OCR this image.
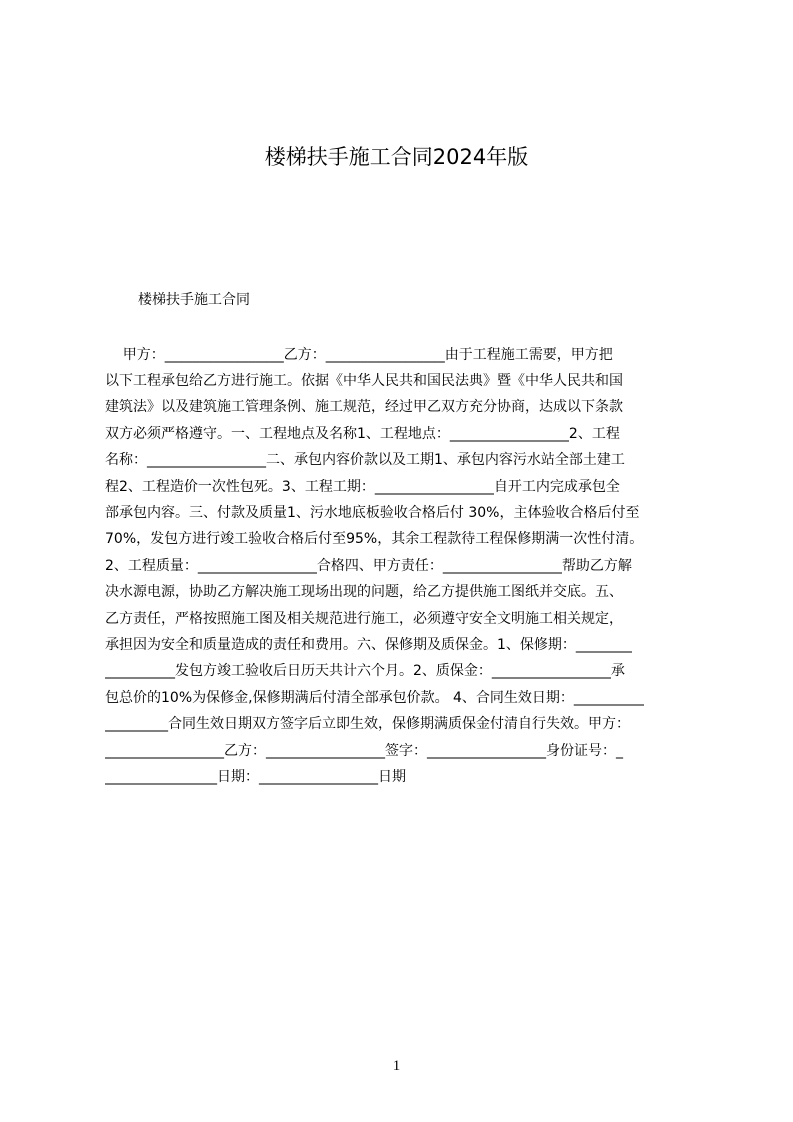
楼梯扶手施工合同2024年版

楼梯扶手施工合同

甲方：_________________乙方：_________________由于工程施工需要，甲方把
以下工程承包给乙方进行施工。依据《中华人民共和国民法典》暨《中华人民共和国
建筑法》以及建筑施工管理条例、施工规范，经过甲乙双方充分协商，达成以下条款
双方必须严格遵守。一、工程地点及名称1、工程地点：_________________2、工程
名称：_________________二、承包内容价款以及工期1、承包内容污水站全部土建工
程2、工程造价一次性包死。3、工程工期：_________________自开工内完成承包全
部承包内容。三、付款及质量1、污水地底板验收合格后付 30%，主体验收合格后付至
70%，发包方进行竣工验收合格后付至95%，其余工程款待工程保修期满一次性付清。
2、工程质量：_________________合格四、甲方责任：_________________帮助乙方解
决水源电源，协助乙方解决施工现场出现的问题，给乙方提供施工图纸并交底。五、
乙方责任，严格按照施工图及相关规范进行施工，必须遵守安全文明施工相关规定，
承担因为安全和质量造成的责任和费用。六、保修期及质保金。1、保修期：________
__________发包方竣工验收后日历天共计六个月。2、质保金：_________________承
包总价的10%为保修金,保修期满后付清全部承包价款。 4、合同生效日期：__________
_________合同生效日期双方签字后立即生效，保修期满质保金付清自行失效。甲方：
_________________乙方：_________________签字：_________________身份证号：_
________________日期：_________________日期
1
